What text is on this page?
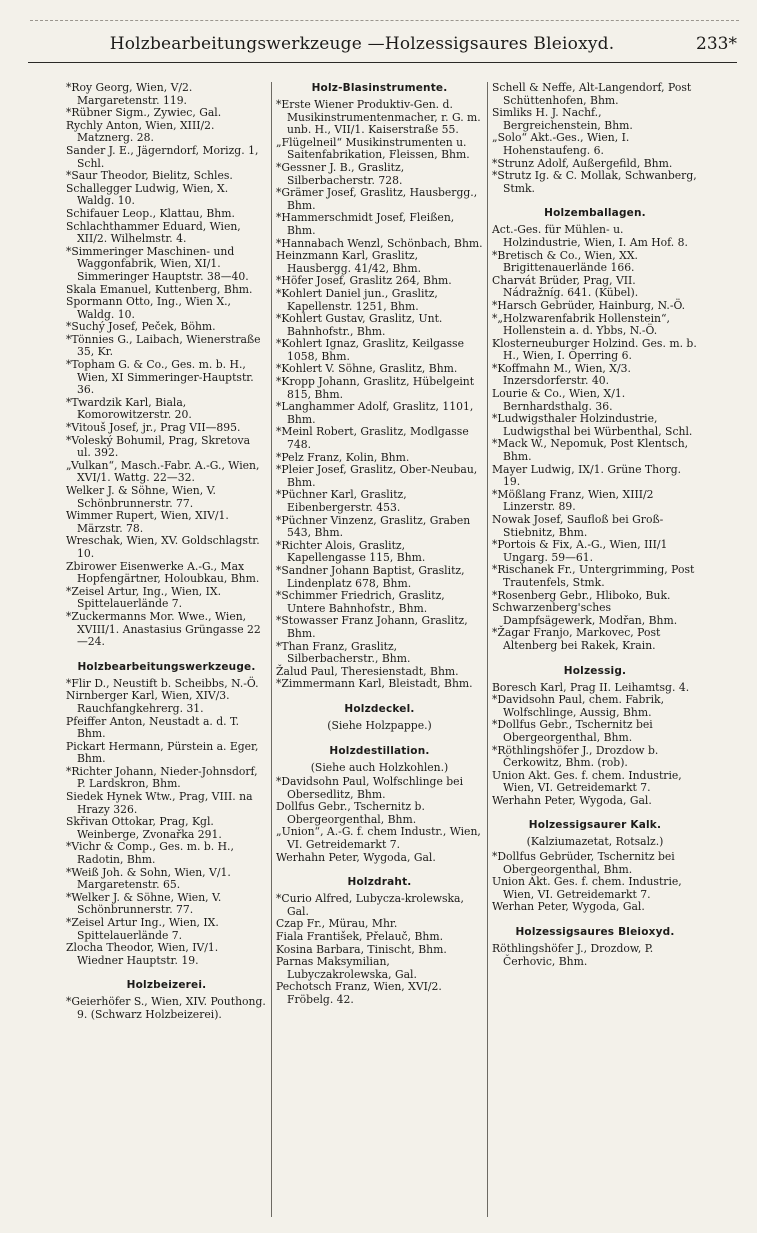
Holzbearbeitungswerkzeuge —Holzessigsaures Bleioxyd.	233*

*Roy Georg, Wien, V/2. Margaretenstr. 119.

*Rübner Sigm., Zywiec, Gal.

Rychly Anton, Wien, XIII/2. Matznerg. 28.

Sander J. E., Jägerndorf, Morizg. 1, Schl.

*Saur Theodor, Bielitz, Schles.

Schallegger Ludwig, Wien, X. Waldg. 10.

Schifauer Leop., Klattau, Bhm.

Schlachthammer Eduard, Wien, XII/2. Wilhelmstr. 4.

*Simmeringer Maschinen- und Waggonfabrik, Wien, XI/1. Simmeringer Hauptstr. 38—40.

Skala Emanuel, Kuttenberg, Bhm.

Spormann Otto, Ing., Wien X., Waldg. 10.

*Suchý Josef, Peček, Böhm.

*Tönnies G., Laibach, Wienerstraße 35, Kr.

*Topham G. & Co., Ges. m. b. H., Wien, XI Simmeringer-Hauptstr. 36.

*Twardzik Karl, Biala, Komorowitzerstr. 20.

*Vitouš Josef, jr., Prag VII—895.

*Voleský Bohumil, Prag, Skretova ul. 392.

„Vulkan“, Masch.-Fabr. A.-G., Wien, XVI/1. Wattg. 22—32.

Welker J. & Söhne, Wien, V. Schönbrunnerstr. 77.

Wimmer Rupert, Wien, XIV/1. Märzstr. 78.

Wreschak, Wien, XV. Goldschlagstr. 10.

Zbirower Eisenwerke A.-G., Max Hopfengärtner, Holoubkau, Bhm.

*Zeisel Artur, Ing., Wien, IX. Spittelauerlände 7.

*Zuckermanns Mor. Wwe., Wien, XVIII/1. Anastasius Grüngasse 22—24.

Holzbearbeitungswerkzeuge.

*Flir D., Neustift b. Scheibbs, N.-Ö.

Nirnberger Karl, Wien, XIV/3. Rauchfangkehrerg. 31.

Pfeiffer Anton, Neustadt a. d. T. Bhm.

Pickart Hermann, Pürstein a. Eger, Bhm.

*Richter Johann, Nieder-Johnsdorf, P. Lardskron, Bhm.

Siedek Hynek Wtw., Prag, VIII. na Hrazy 326.

Skřivan Ottokar, Prag, Kgl. Weinberge, Zvonařka 291.

*Vichr & Comp., Ges. m. b. H., Radotin, Bhm.

*Weiß Joh. & Sohn, Wien, V/1. Margaretenstr. 65.

*Welker J. & Söhne, Wien, V. Schönbrunnerstr. 77.

*Zeisel Artur Ing., Wien, IX. Spittelauerlände 7.

Zlocha Theodor, Wien, IV/1. Wiedner Hauptstr. 19.

Holzbeizerei.

*Geierhöfer S., Wien, XIV. Pouthong. 9. (Schwarz Holzbeizerei).

Holz-Blasinstrumente.

*Erste Wiener Produktiv-Gen. d. Musikinstrumentenmacher, r. G. m. unb. H., VII/1. Kaiserstraße 55.

„Flügelneil“ Musikinstrumenten u. Saitenfabrikation, Fleissen, Bhm.

*Gessner J. B., Graslitz, Silberbacherstr. 728.

*Grämer Josef, Graslitz, Hausbergg., Bhm.

*Hammerschmidt Josef, Fleißen, Bhm.

*Hannabach Wenzl, Schönbach, Bhm.

Heinzmann Karl, Graslitz, Hausbergg. 41/42, Bhm.

*Höfer Josef, Graslitz 264, Bhm.

*Kohlert Daniel jun., Graslitz, Kapellenstr. 1251, Bhm.

*Kohlert Gustav, Graslitz, Unt. Bahnhofstr., Bhm.

*Kohlert Ignaz, Graslitz, Keilgasse 1058, Bhm.

*Kohlert V. Söhne, Graslitz, Bhm.

*Kropp Johann, Graslitz, Hübelgeint 815, Bhm.

*Langhammer Adolf, Graslitz, 1101, Bhm.

*Meinl Robert, Graslitz, Modlgasse 748.

*Pelz Franz, Kolin, Bhm.

*Pleier Josef, Graslitz, Ober-Neubau, Bhm.

*Püchner Karl, Graslitz, Eibenbergerstr. 453.

*Püchner Vinzenz, Graslitz, Graben 543, Bhm.

*Richter Alois, Graslitz, Kapellengasse 115, Bhm.

*Sandner Johann Baptist, Graslitz, Lindenplatz 678, Bhm.

*Schimmer Friedrich, Graslitz, Untere Bahnhofstr., Bhm.

*Stowasser Franz Johann, Graslitz, Bhm.

*Than Franz, Graslitz, Silberbacherstr., Bhm.

Žalud Paul, Theresienstadt, Bhm.

*Zimmermann Karl, Bleistadt, Bhm.

Holzdeckel.
(Siehe Holzpappe.)
Holzdestillation.
(Siehe auch Holzkohlen.)

*Davidsohn Paul, Wolfschlinge bei Obersedlitz, Bhm.

Dollfus Gebr., Tschernitz b. Obergeorgenthal, Bhm.

„Union“, A.-G. f. chem Industr., Wien, VI. Getreidemarkt 7.

Werhahn Peter, Wygoda, Gal.

Holzdraht.

*Curio Alfred, Lubycza-krolewska, Gal.

Czap Fr., Mürau, Mhr.

Fiala František, Přelauč, Bhm.

Kosina Barbara, Tinischt, Bhm.

Parnas Maksymilian, Lubyczakrolewska, Gal.

Pechotsch Franz, Wien, XVI/2. Fröbelg. 42.

Schell & Neffe, Alt-Langendorf, Post Schüttenhofen, Bhm.

Simliks H. J. Nachf., Bergreichenstein, Bhm.

„Solo“ Akt.-Ges., Wien, I. Hohenstaufeng. 6.

*Strunz Adolf, Außergefild, Bhm.

*Strutz Ig. & C. Mollak, Schwanberg, Stmk.

Holzemballagen.

Act.-Ges. für Mühlen- u. Holzindustrie, Wien, I. Am Hof. 8.

*Bretisch & Co., Wien, XX. Brigittenauerlände 166.

Charvát Brüder, Prag, VII. Nádražníg. 641. (Kübel).

*Harsch Gebrüder, Hainburg, N.-Ö.

*„Holzwarenfabrik Hollenstein“, Hollenstein a. d. Ybbs, N.-Ö.

Klosterneuburger Holzind. Ges. m. b. H., Wien, I. Operring 6.

*Koffmahn M., Wien, X/3. Inzersdorferstr. 40.

Lourie & Co., Wien, X/1. Bernhardsthalg. 36.

*Ludwigsthaler Holzindustrie, Ludwigsthal bei Würbenthal, Schl.

*Mack W., Nepomuk, Post Klentsch, Bhm.

Mayer Ludwig, IX/1. Grüne Thorg. 19.

*Mößlang Franz, Wien, XIII/2 Linzerstr. 89.

Nowak Josef, Saufloß bei Groß-Stiebnitz, Bhm.

*Portois & Fix, A.-G., Wien, III/1 Ungarg. 59—61.

*Rischanek Fr., Untergrimming, Post Trautenfels, Stmk.

*Rosenberg Gebr., Hliboko, Buk.

Schwarzenberg'sches Dampfsägewerk, Modřan, Bhm.

*Žagar Franjo, Markovec, Post Altenberg bei Rakek, Krain.

Holzessig.

Boresch Karl, Prag II. Leihamtsg. 4.

*Davidsohn Paul, chem. Fabrik, Wolfschlinge, Aussig, Bhm.

*Dollfus Gebr., Tschernitz bei Obergeorgenthal, Bhm.

*Röthlingshöfer J., Drozdow b. Čerkowitz, Bhm. (rob).

Union Akt. Ges. f. chem. Industrie, Wien, VI. Getreidemarkt 7.

Werhahn Peter, Wygoda, Gal.

Holzessigsaurer Kalk.
(Kalziumazetat, Rotsalz.)

*Dollfus Gebrüder, Tschernitz bei Obergeorgenthal, Bhm.

Union Akt. Ges. f. chem. Industrie, Wien, VI. Getreidemarkt 7.

Werhan Peter, Wygoda, Gal.

Holzessigsaures Bleioxyd.

Röthlingshöfer J., Drozdow, P. Čerhovic, Bhm.
